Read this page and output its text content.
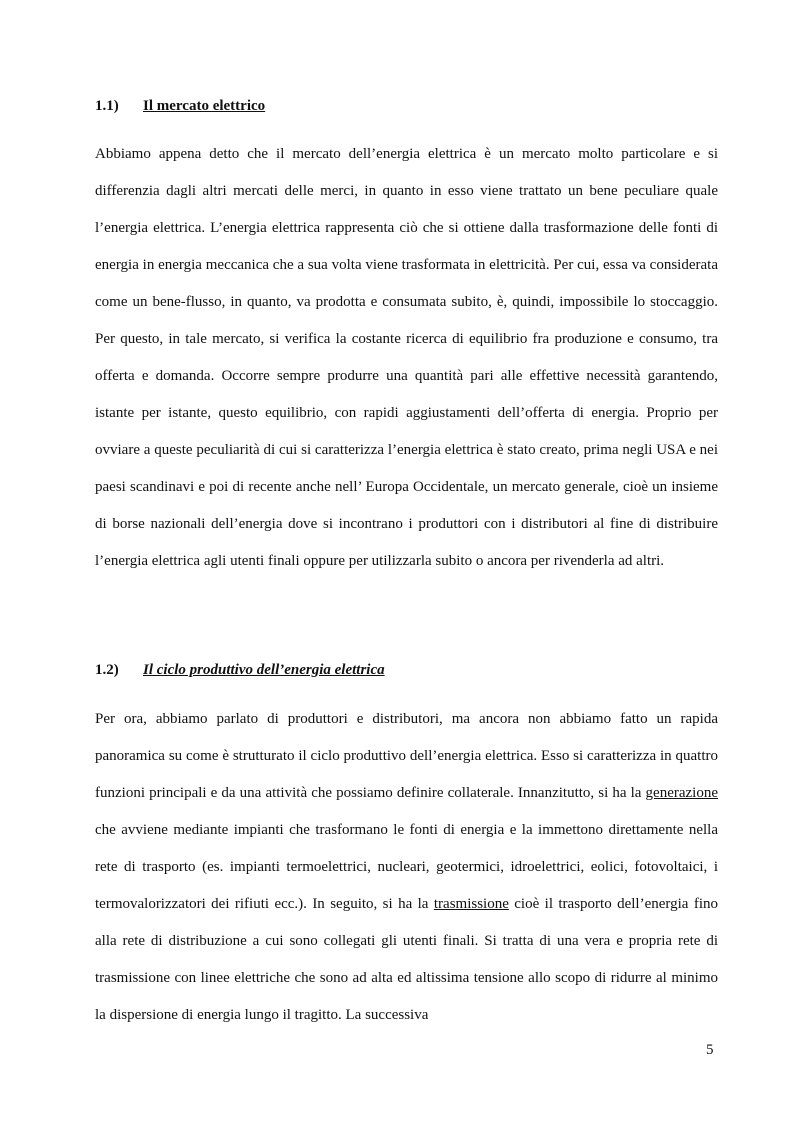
1.1) Il mercato elettrico
Abbiamo appena detto che il mercato dell’energia elettrica è un mercato molto particolare e si differenzia dagli altri mercati delle merci, in quanto in esso viene trattato un bene peculiare quale l’energia elettrica. L’energia elettrica rappresenta ciò che si ottiene dalla trasformazione delle fonti di energia in energia meccanica che a sua volta viene trasformata in elettricità. Per cui, essa va considerata come un bene-flusso, in quanto, va prodotta e consumata subito, è, quindi, impossibile lo stoccaggio. Per questo, in tale mercato, si verifica la costante ricerca di equilibrio fra produzione e consumo, tra offerta e domanda. Occorre sempre produrre una quantità pari alle effettive necessità garantendo, istante per istante, questo equilibrio, con rapidi aggiustamenti dell’offerta di energia. Proprio per ovviare a queste peculiarità di cui si caratterizza l’energia elettrica è stato creato, prima negli USA e nei paesi scandinavi e poi di recente anche nell’ Europa Occidentale, un mercato generale, cioè un insieme di borse nazionali dell’energia dove si incontrano i produttori con i distributori al fine di distribuire l’energia elettrica agli utenti finali oppure per utilizzarla subito o ancora per rivenderla ad altri.
1.2) Il ciclo produttivo dell’energia elettrica
Per ora, abbiamo parlato di produttori e distributori, ma ancora non abbiamo fatto un rapida panoramica su come è strutturato il ciclo produttivo dell’energia elettrica. Esso si caratterizza in quattro funzioni principali e da una attività che possiamo definire collaterale. Innanzitutto, si ha la generazione che avviene mediante impianti che trasformano le fonti di energia e la immettono direttamente nella rete di trasporto (es. impianti termoelettrici, nucleari, geotermici, idroelettrici, eolici, fotovoltaici, i termovalorizzatori dei rifiuti ecc.). In seguito, si ha la trasmissione cioè il trasporto dell’energia fino alla rete di distribuzione a cui sono collegati gli utenti finali. Si tratta di una vera e propria rete di trasmissione con linee elettriche che sono ad alta ed altissima tensione allo scopo di ridurre al minimo la dispersione di energia lungo il tragitto. La successiva
5
